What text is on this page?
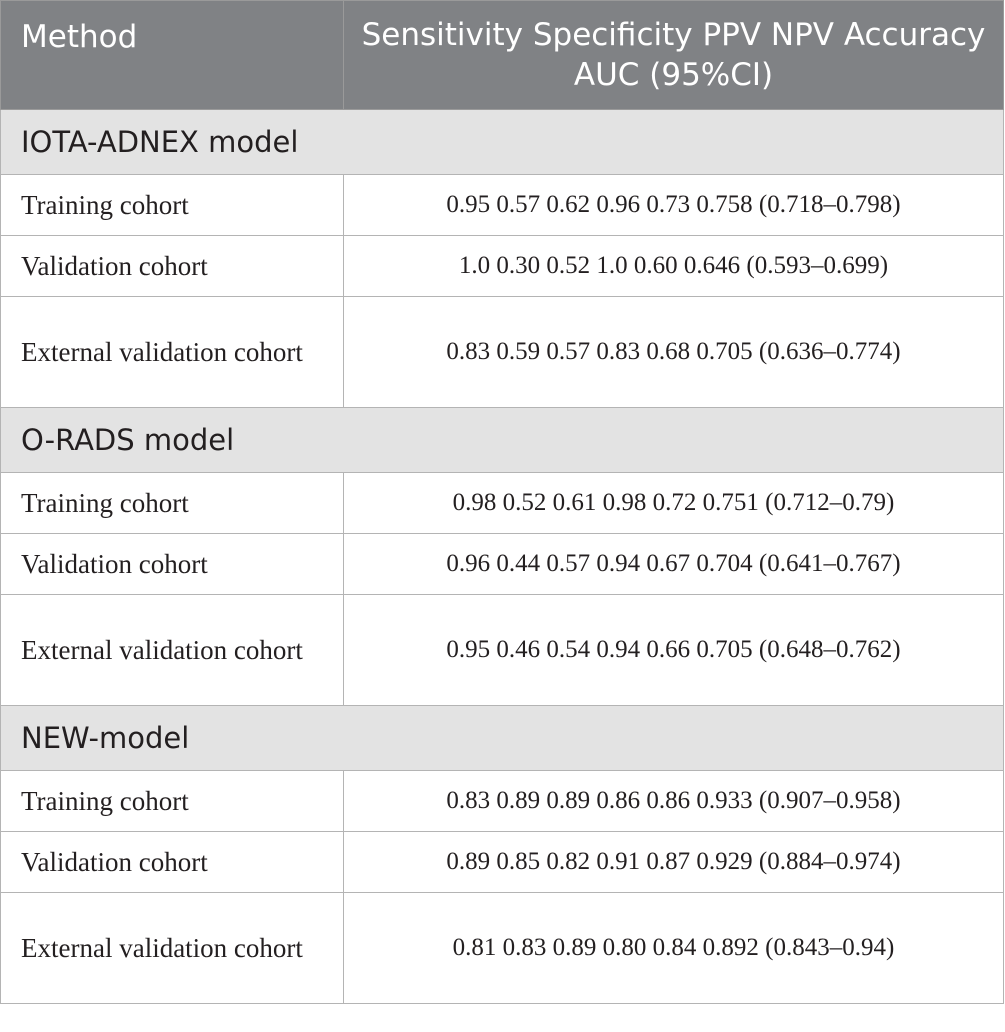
Method	Sensitivity Specificity PPV NPV Accuracy AUC (95%CI)
IOTA-ADNEX model	
Training cohort	0.95 0.57 0.62 0.96 0.73 0.758 (0.718–0.798)
Validation cohort	1.0 0.30 0.52 1.0 0.60 0.646 (0.593–0.699)
External validation cohort	0.83 0.59 0.57 0.83 0.68 0.705 (0.636–0.774)
O-RADS model	
Training cohort	0.98 0.52 0.61 0.98 0.72 0.751 (0.712–0.79)
Validation cohort	0.96 0.44 0.57 0.94 0.67 0.704 (0.641–0.767)
External validation cohort	0.95 0.46 0.54 0.94 0.66 0.705 (0.648–0.762)
NEW-model	
Training cohort	0.83 0.89 0.89 0.86 0.86 0.933 (0.907–0.958)
Validation cohort	0.89 0.85 0.82 0.91 0.87 0.929 (0.884–0.974)
External validation cohort	0.81 0.83 0.89 0.80 0.84 0.892 (0.843–0.94)
